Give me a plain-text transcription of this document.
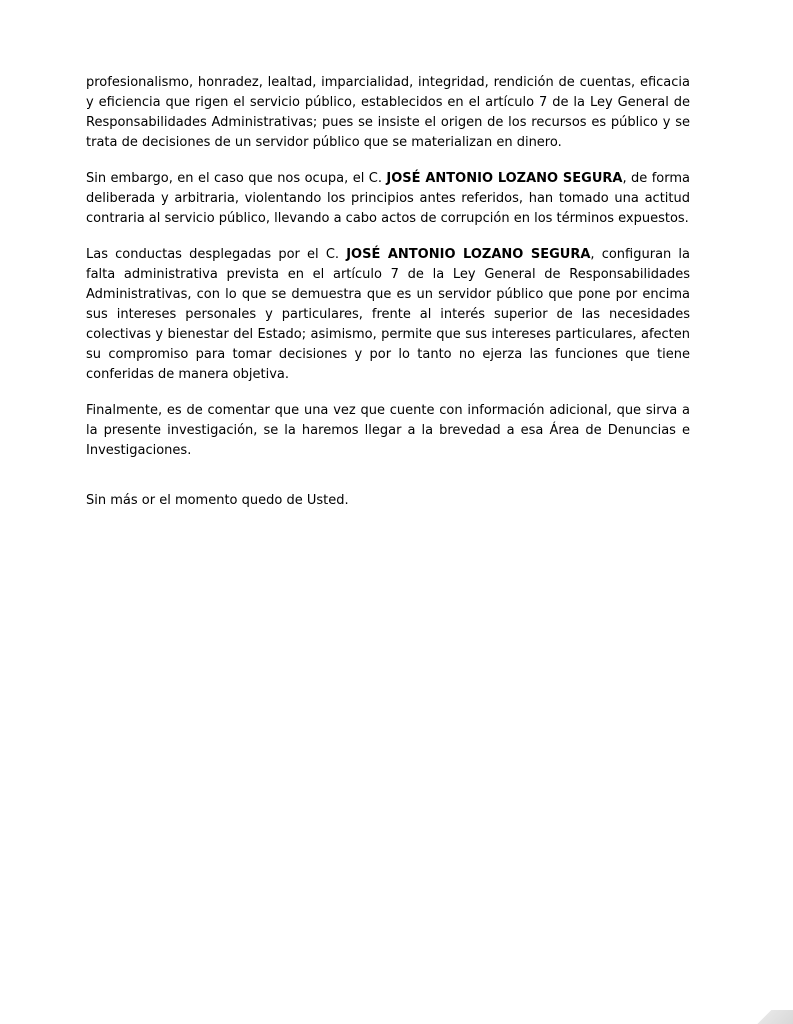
profesionalismo, honradez, lealtad, imparcialidad, integridad, rendición de cuentas, eficacia y eficiencia que rigen el servicio público, establecidos en el artículo 7 de la Ley General de Responsabilidades Administrativas; pues se insiste el origen de los recursos es público y se trata de decisiones de un servidor público que se materializan en dinero.

Sin embargo, en el caso que nos ocupa, el C. JOSÉ ANTONIO LOZANO SEGURA, de forma deliberada y arbitraria, violentando los principios antes referidos, han tomado una actitud contraria al servicio público, llevando a cabo actos de corrupción en los términos expuestos.

Las conductas desplegadas por el C. JOSÉ ANTONIO LOZANO SEGURA, configuran la falta administrativa prevista en el artículo 7 de la Ley General de Responsabilidades Administrativas, con lo que se demuestra que es un servidor público que pone por encima sus intereses personales y particulares, frente al interés superior de las necesidades colectivas y bienestar del Estado; asimismo, permite que sus intereses particulares, afecten su compromiso para tomar decisiones y por lo tanto no ejerza las funciones que tiene conferidas de manera objetiva.

Finalmente, es de comentar que una vez que cuente con información adicional, que sirva a la presente investigación, se la haremos llegar a la brevedad a esa Área de Denuncias e Investigaciones.

Sin más or el momento quedo de Usted.
